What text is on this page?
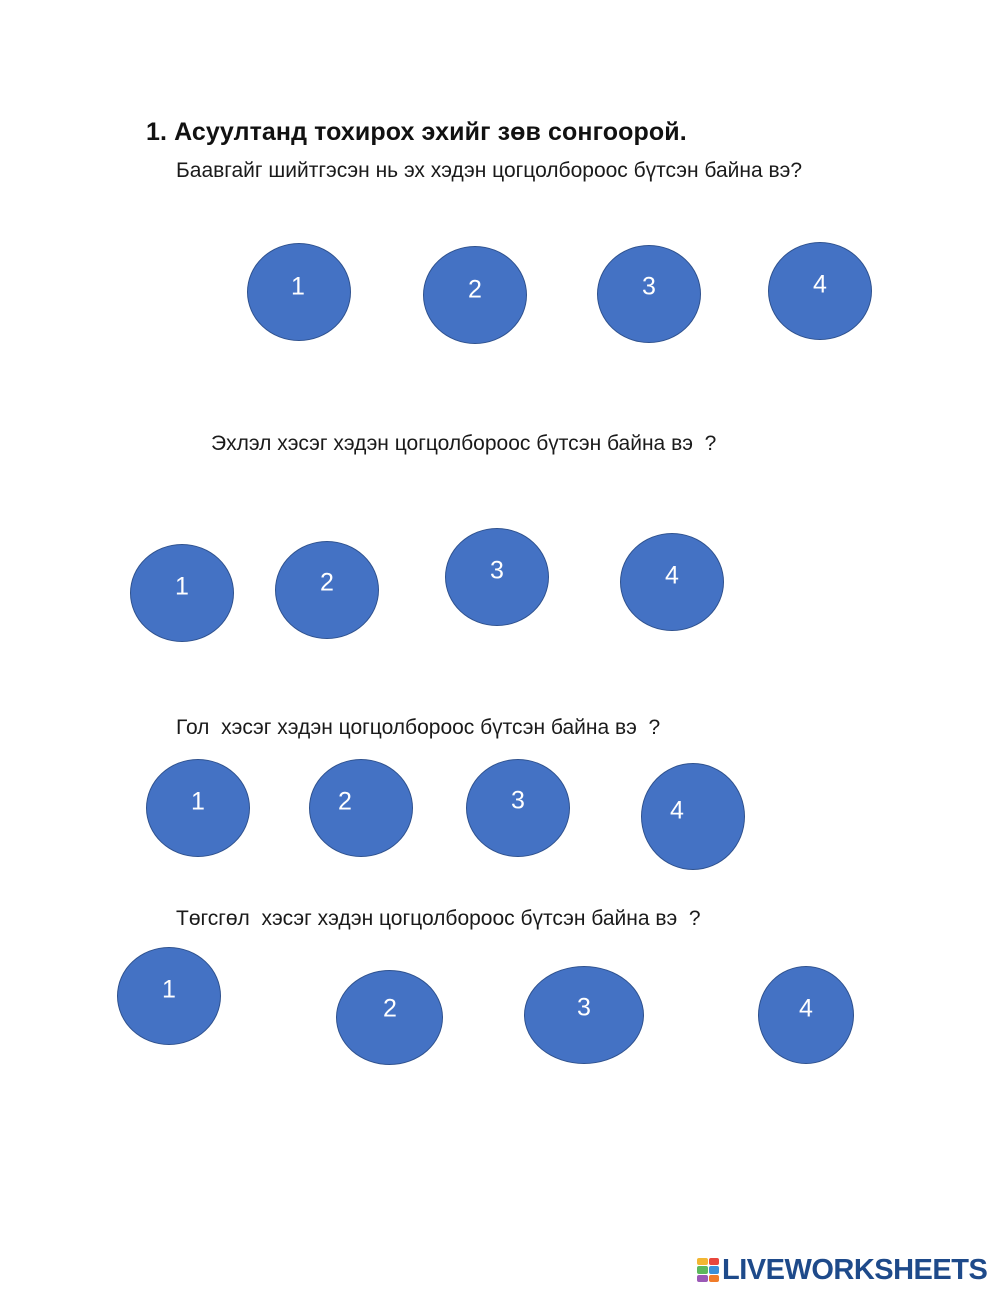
1. Асуултанд тохирох эхийг зөв сонгоорой.
Баавгайг шийтгэсэн нь эх хэдэн цогцолбороос бүтсэн байна вэ?
1	2	3	4
Эхлэл хэсэг хэдэн цогцолбороос бүтсэн байна вэ  ?
1	2	3	4
Гол  хэсэг хэдэн цогцолбороос бүтсэн байна вэ  ?
1	2	3	4
Төгсгөл  хэсэг хэдэн цогцолбороос бүтсэн байна вэ  ?
1
2	3	4
LIVEWORKSHEETS
